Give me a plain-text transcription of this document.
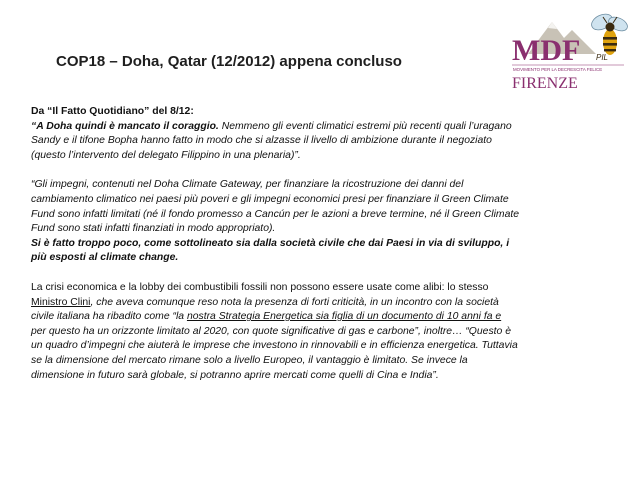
COP18 – Doha, Qatar (12/2012) appena concluso	MDF PIL
MOVIMENTO PER LA DECRESCITA FELICE
FIRENZE
Da “Il Fatto Quotidiano” del 8/12:
“A Doha quindi è mancato il coraggio. Nemmeno gli eventi climatici estremi più recenti quali l’uragano
Sandy e il tifone Bopha hanno fatto in modo che si alzasse il livello di ambizione durante il negoziato
(questo l’intervento del delegato Filippino in una plenaria)”.
“Gli impegni, contenuti nel Doha Climate Gateway, per finanziare la ricostruzione dei danni del
cambiamento climatico nei paesi più poveri e gli impegni economici presi per finanziare il Green Climate
Fund sono infatti limitati (né il fondo promesso a Cancún per le azioni a breve termine, né il Green Climate
Fund sono stati infatti finanziati in modo appropriato).
Si è fatto troppo poco, come sottolineato sia dalla società civile che dai Paesi in via di sviluppo, i
più esposti al climate change.
La crisi economica e la lobby dei combustibili fossili non possono essere usate come alibi: lo stesso
Ministro Clini, che aveva comunque reso nota la presenza di forti criticità, in un incontro con la società
civile italiana ha ribadito come “la nostra Strategia Energetica sia figlia di un documento di 10 anni fa e
per questo ha un orizzonte limitato al 2020, con quote significative di gas e carbone”, inoltre… “Questo è
un quadro d’impegni che aiuterà le imprese che investono in rinnovabili e in efficienza energetica. Tuttavia
se la dimensione del mercato rimane solo a livello Europeo, il vantaggio è limitato. Se invece la
dimensione in futuro sarà globale, si potranno aprire mercati come quelli di Cina e India”.
